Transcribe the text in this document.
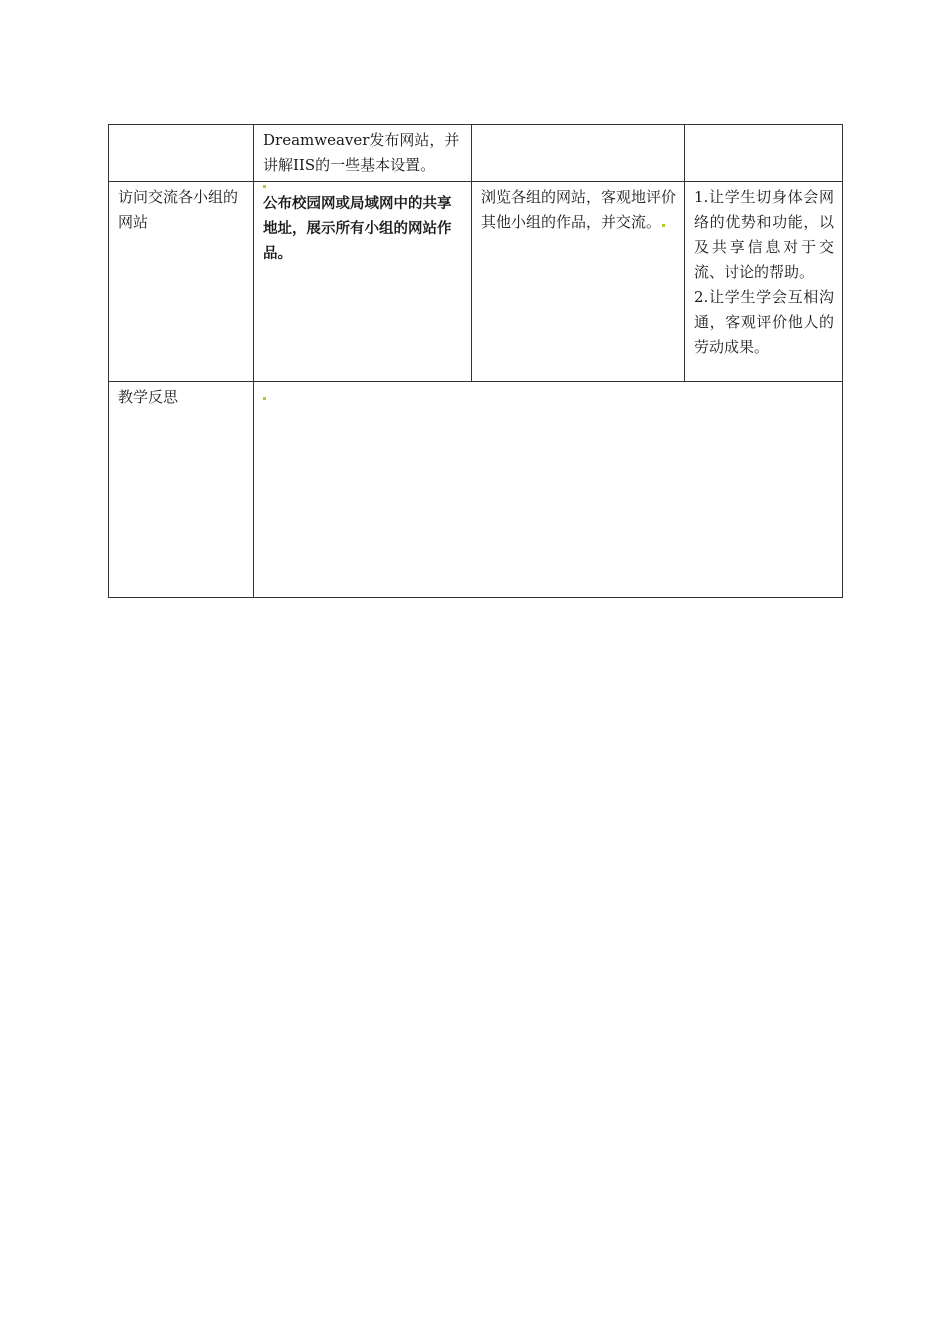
	Dreamweaver发布网站，并讲解IIS的一些基本设置。		
访问交流各小组的网站	公布校园网或局域网中的共享地址，展示所有小组的网站作品。	浏览各组的网站，客观地评价其他小组的作品，并交流。	1.让学生切身体会网络的优势和功能，以及共享信息对于交流、讨论的帮助。
2.让学生学会互相沟通，客观评价他人的劳动成果。

教学反思			
